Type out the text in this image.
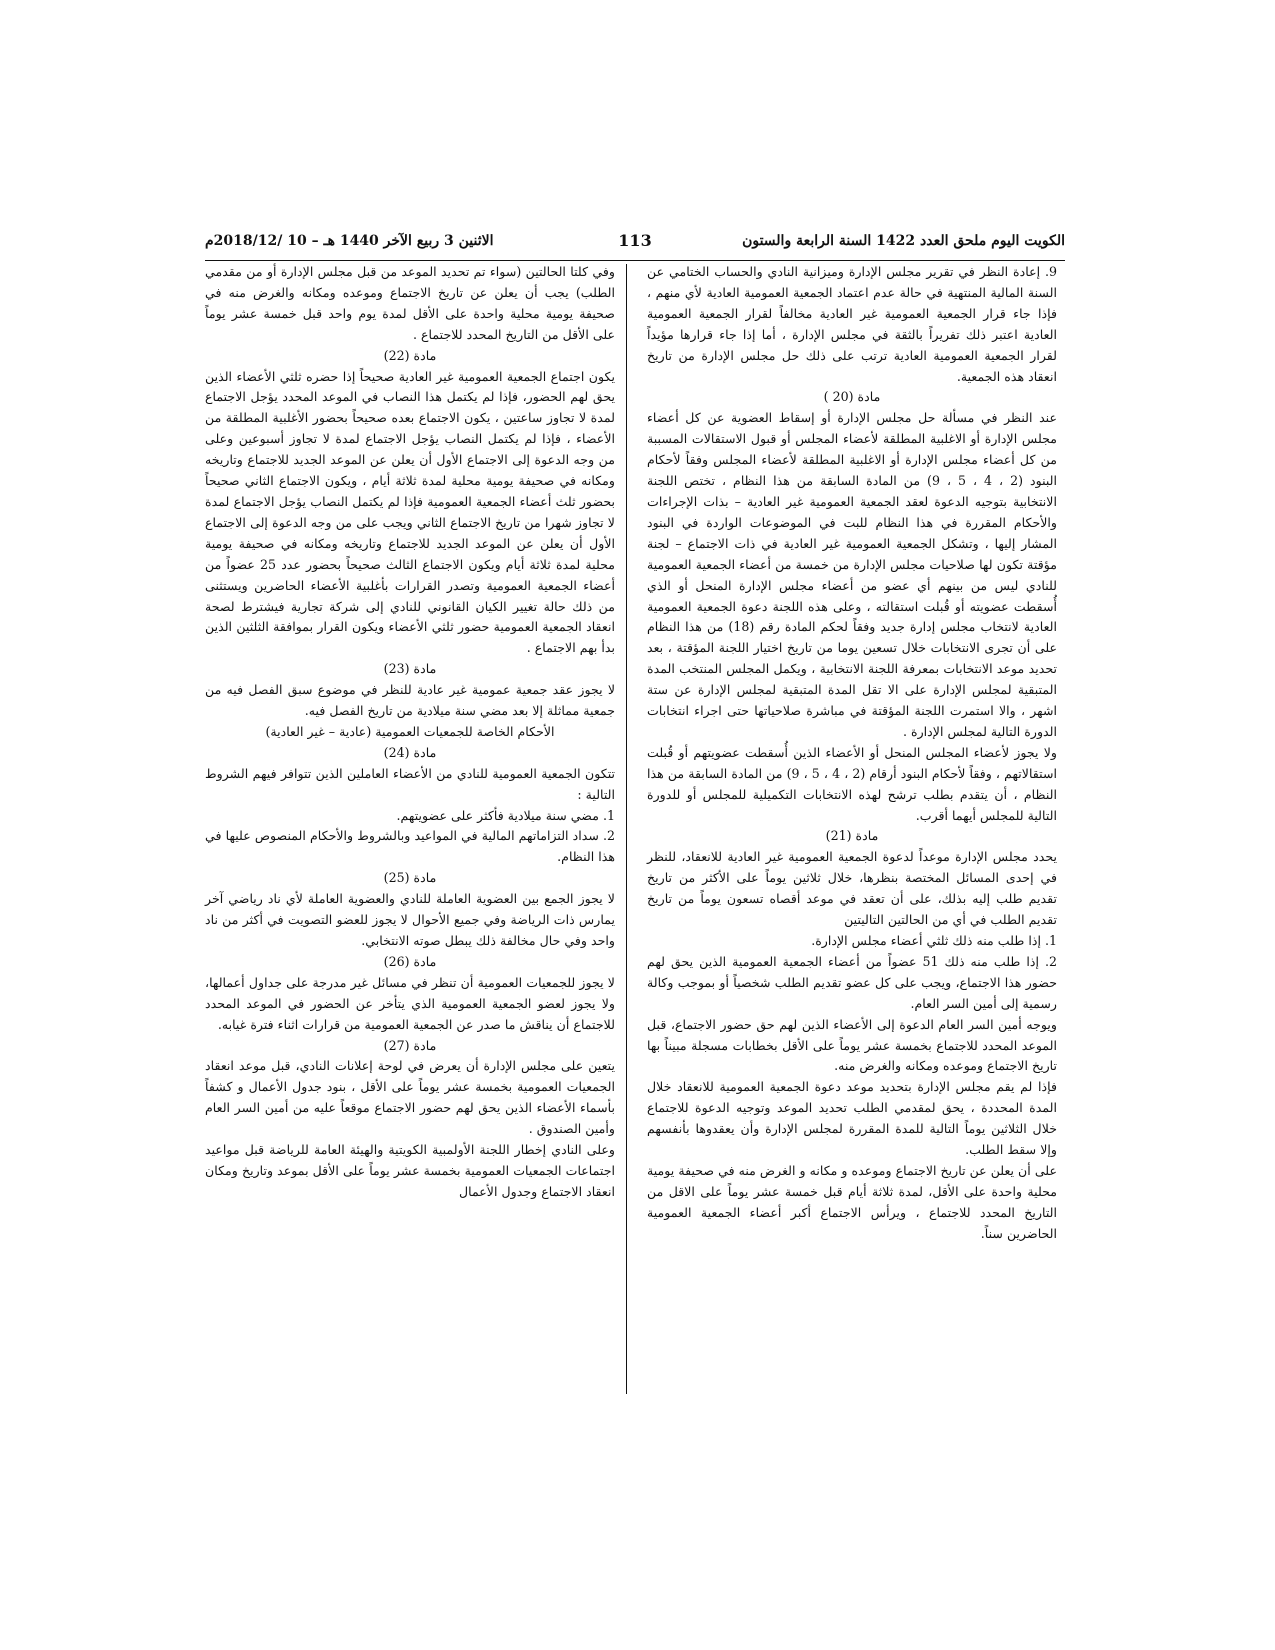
الكويت اليوم ملحق العدد 1422 السنة الرابعة والستون
113
الاثنين 3 ربيع الآخر 1440 هـ – 10 /2018/12م

9. إعادة النظر في تقرير مجلس الإدارة وميزانية النادي والحساب الختامي عن السنة المالية المنتهية في حالة عدم اعتماد الجمعية العمومية العادية لأي منهم ، فإذا جاء قرار الجمعية العمومية غير العادية مخالفاً لقرار الجمعية العمومية العادية اعتبر ذلك تفريراً بالثقة في مجلس الإدارة ، أما إذا جاء قرارها مؤيداً لقرار الجمعية العمومية العادية ترتب على ذلك حل مجلس الإدارة من تاريخ انعقاد هذه الجمعية.

مادة (20 )

عند النظر في مسألة حل مجلس الإدارة أو إسقاط العضوية عن كل أعضاء مجلس الإدارة أو الاغلبية المطلقة لأعضاء المجلس أو قبول الاستقالات المسببة من كل أعضاء مجلس الإدارة أو الاغلبية المطلقة لأعضاء المجلس وفقاً لأحكام البنود (2 ، 4 ، 5 ، 9) من المادة السابقة من هذا النظام ، تختص اللجنة الانتخابية بتوجيه الدعوة لعقد الجمعية العمومية غير العادية – بذات الإجراءات والأحكام المقررة في هذا النظام للبت في الموضوعات الواردة في البنود المشار إليها ، وتشكل الجمعية العمومية غير العادية في ذات الاجتماع – لجنة مؤقتة تكون لها صلاحيات مجلس الإدارة من خمسة من أعضاء الجمعية العمومية للنادي ليس من بينهم أي عضو من أعضاء مجلس الإدارة المنحل أو الذي أُسقطت عضويته أو قُبلت استقالته ، وعلى هذه اللجنة دعوة الجمعية العمومية العادية لانتخاب مجلس إدارة جديد وفقاً لحكم المادة رقم (18) من هذا النظام على أن تجرى الانتخابات خلال تسعين يوما من تاريخ اختيار اللجنة المؤقتة ، بعد تحديد موعد الانتخابات بمعرفة اللجنة الانتخابية ، ويكمل المجلس المنتخب المدة المتبقية لمجلس الإدارة على الا تقل المدة المتبقية لمجلس الإدارة عن ستة اشهر ، والا استمرت اللجنة المؤقتة في مباشرة صلاحياتها حتى اجراء انتخابات الدورة التالية لمجلس الإدارة .

ولا يجوز لأعضاء المجلس المنحل أو الأعضاء الذين أُسقطت عضويتهم أو قُبلت استقالاتهم ، وفقاً لأحكام البنود أرقام (2 ، 4 ، 5 ، 9) من المادة السابقة من هذا النظام ، أن يتقدم بطلب ترشح لهذه الانتخابات التكميلية للمجلس أو للدورة التالية للمجلس أيهما أقرب.

مادة (21)

يحدد مجلس الإدارة موعداً لدعوة الجمعية العمومية غير العادية للانعقاد، للنظر في إحدى المسائل المختصة بنظرها، خلال ثلاثين يوماً على الأكثر من تاريخ تقديم طلب إليه بذلك، على أن تعقد في موعد أقصاه تسعون يوماً من تاريخ تقديم الطلب في أي من الحالتين التاليتين

1. إذا طلب منه ذلك ثلثي أعضاء مجلس الإدارة.

2. إذا طلب منه ذلك 51 عضواً من أعضاء الجمعية العمومية الذين يحق لهم حضور هذا الاجتماع، ويجب على كل عضو تقديم الطلب شخصياً أو بموجب وكالة رسمية إلى أمين السر العام.

ويوجه أمين السر العام الدعوة إلى الأعضاء الذين لهم حق حضور الاجتماع، قبل الموعد المحدد للاجتماع بخمسة عشر يوماً على الأقل بخطابات مسجلة مبيناً بها تاريخ الاجتماع وموعده ومكانه والغرض منه.

فإذا لم يقم مجلس الإدارة بتحديد موعد دعوة الجمعية العمومية للانعقاد خلال المدة المحددة ، يحق لمقدمي الطلب تحديد الموعد وتوجيه الدعوة للاجتماع خلال الثلاثين يوماً التالية للمدة المقررة لمجلس الإدارة وأن يعقدوها بأنفسهم وإلا سقط الطلب.

على أن يعلن عن تاريخ الاجتماع وموعده و مكانه و الغرض منه في صحيفة يومية محلية واحدة على الأقل، لمدة ثلاثة أيام قبل خمسة عشر يوماً على الاقل من التاريخ المحدد للاجتماع ، ويرأس الاجتماع أكبر أعضاء الجمعية العمومية الحاضرين سناً.

وفي كلتا الحالتين (سواء تم تحديد الموعد من قبل مجلس الإدارة أو من مقدمي الطلب) يجب أن يعلن عن تاريخ الاجتماع وموعده ومكانه والغرض منه في صحيفة يومية محلية واحدة على الأقل لمدة يوم واحد قبل خمسة عشر يوماً على الأقل من التاريخ المحدد للاجتماع .

مادة (22)

يكون اجتماع الجمعية العمومية غير العادية صحيحاً إذا حضره ثلثي الأعضاء الذين يحق لهم الحضور، فإذا لم يكتمل هذا النصاب في الموعد المحدد يؤجل الاجتماع لمدة لا تجاوز ساعتين ، يكون الاجتماع بعده صحيحاً بحضور الأغلبية المطلقة من الأعضاء ، فإذا لم يكتمل النصاب يؤجل الاجتماع لمدة لا تجاوز أسبوعين وعلى من وجه الدعوة إلى الاجتماع الأول أن يعلن عن الموعد الجديد للاجتماع وتاريخه ومكانه في صحيفة يومية محلية لمدة ثلاثة أيام ، ويكون الاجتماع الثاني صحيحاً بحضور ثلث أعضاء الجمعية العمومية فإذا لم يكتمل النصاب يؤجل الاجتماع لمدة لا تجاوز شهرا من تاريخ الاجتماع الثاني ويجب على من وجه الدعوة إلى الاجتماع الأول أن يعلن عن الموعد الجديد للاجتماع وتاريخه ومكانه في صحيفة يومية محلية لمدة ثلاثة أيام ويكون الاجتماع الثالث صحيحاً بحضور عدد 25 عضواً من أعضاء الجمعية العمومية وتصدر القرارات بأغلبية الأعضاء الحاضرين ويستثنى من ذلك حالة تغيير الكيان القانوني للنادي إلى شركة تجارية فيشترط لصحة انعقاد الجمعية العمومية حضور ثلثي الأعضاء ويكون القرار بموافقة الثلثين الذين بدأ بهم الاجتماع .

مادة (23)

لا يجوز عقد جمعية عمومية غير عادية للنظر في موضوع سبق الفصل فيه من جمعية مماثلة إلا بعد مضي سنة ميلادية من تاريخ الفصل فيه.

الأحكام الخاصة للجمعيات العمومية (عادية – غير العادية)

مادة (24)

تتكون الجمعية العمومية للنادي من الأعضاء العاملين الذين تتوافر فيهم الشروط التالية :

1. مضي سنة ميلادية فأكثر على عضويتهم.

2. سداد التزاماتهم المالية في المواعيد وبالشروط والأحكام المنصوص عليها في هذا النظام.

مادة (25)

لا يجوز الجمع بين العضوية العاملة للنادي والعضوية العاملة لأي ناد رياضي آخر يمارس ذات الرياضة وفي جميع الأحوال لا يجوز للعضو التصويت في أكثر من ناد واحد وفي حال مخالفة ذلك يبطل صوته الانتخابي.

مادة (26)

لا يجوز للجمعيات العمومية أن تنظر في مسائل غير مدرجة على جداول أعمالها، ولا يجوز لعضو الجمعية العمومية الذي يتأخر عن الحضور في الموعد المحدد للاجتماع أن يناقش ما صدر عن الجمعية العمومية من قرارات اثناء فترة غيابه.

مادة (27)

يتعين على مجلس الإدارة أن يعرض في لوحة إعلانات النادي، قبل موعد انعقاد الجمعيات العمومية بخمسة عشر يوماً على الأقل ، بنود جدول الأعمال و كشفاً بأسماء الأعضاء الذين يحق لهم حضور الاجتماع موقعاً عليه من أمين السر العام وأمين الصندوق .

وعلى النادي إخطار اللجنة الأولمبية الكويتية والهيئة العامة للرياضة قبل مواعيد اجتماعات الجمعيات العمومية بخمسة عشر يوماً على الأقل بموعد وتاريخ ومكان انعقاد الاجتماع وجدول الأعمال
